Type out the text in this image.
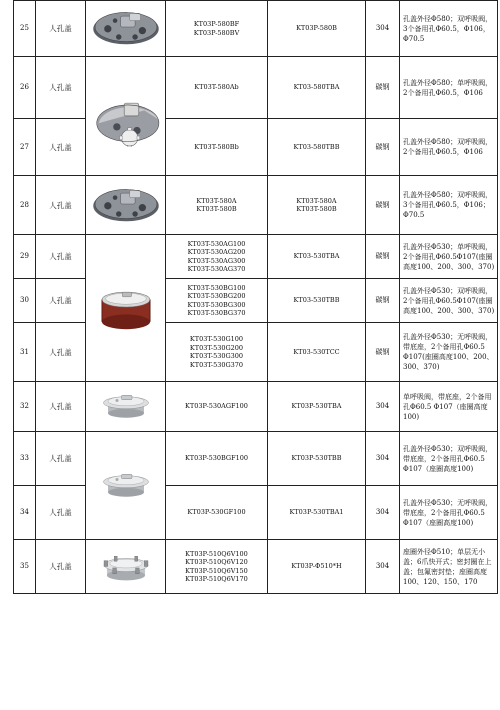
25	人孔盖		KT03P-580BF
KT03P-580BV	KT03P-580B	304	孔盖外径Φ580；双呼吸阀，3个备用孔Φ60.5，Φ106，Φ70.5
26	人孔盖		KT03T-580Ab	KT03-580TBA	碳钢	孔盖外径Φ580；单呼吸阀，2个备用孔Φ60.5，Φ106
27	人孔盖		KT03T-580Bb	KT03-580TBB	碳钢	孔盖外径Φ580；双呼吸阀，2个备用孔Φ60.5，Φ106
28	人孔盖		KT03T-580A
KT03T-580B	KT03T-580A
KT03T-580B	碳钢	孔盖外径Φ580；双呼吸阀，3个备用孔Φ60.5，Φ106；Φ70.5
29	人孔盖		KT03T-530AG100
KT03T-530AG200
KT03T-530AG300
KT03T-530AG370	KT03-530TBA	碳钢	孔盖外径Φ530；单呼吸阀，2个备用孔Φ60.5Φ107(座圈高度100、200、300、370)
30	人孔盖		KT03T-530BG100
KT03T-530BG200
KT03T-530BG300
KT03T-530BG370	KT03-530TBB	碳钢	孔盖外径Φ530；双呼吸阀，2个备用孔Φ60.5Φ107(座圈高度100、200、300、370)
31	人孔盖		KT03T-530G100
KT03T-530G200
KT03T-530G300
KT03T-530G370	KT03-530TCC	碳钢	孔盖外径Φ530；无呼吸阀，带底座，2个备用孔Φ60.5 Φ107(座圈高度100、200、300、370)
32	人孔盖		KT03P-530AGF100	KT03P-530TBA	304	单呼吸阀，带底座，2个备用孔Φ60.5 Φ107（座圈高度100)
33	人孔盖		KT03P-530BGF100	KT03P-530TBB	304	孔盖外径Φ530；双呼吸阀，带底座，2个备用孔Φ60.5 Φ107（座圈高度100)
34	人孔盖		KT03P-530GF100	KT03P-530TBA1	304	孔盖外径Φ530；无呼吸阀，带底座，2个备用孔Φ60.5 Φ107（座圈高度100)
35	人孔盖		KT03P-510Q6V100
KT03P-510Q6V120
KT03P-510Q6V150
KT03P-510Q6V170	KT03P-Φ510*H	304	座圈外径Φ510；单层无小盖；6爪快开式；密封圈在上盖；包氟密封垫；座圈高度100、120、150、170
